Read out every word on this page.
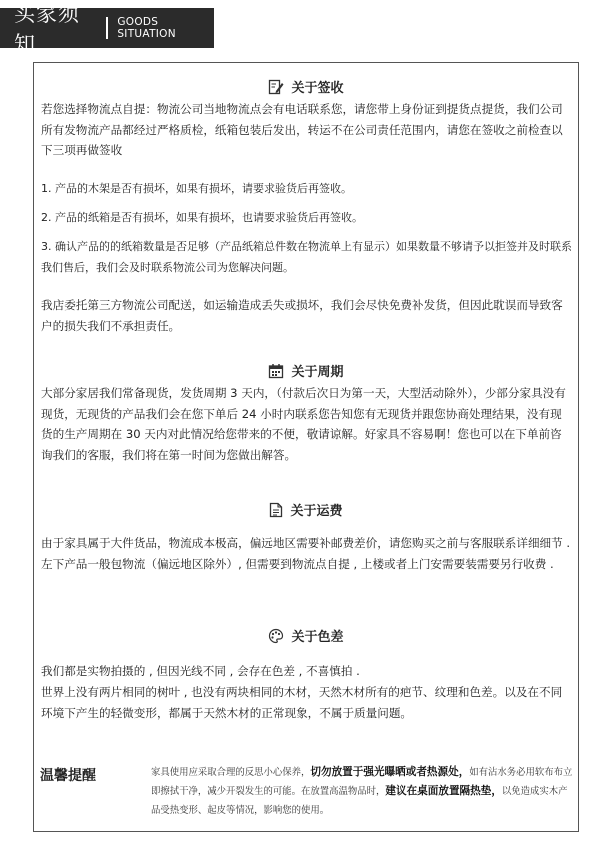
买家须知
GOODS SITUATION
关于签收
若您选择物流点自提：物流公司当地物流点会有电话联系您，请您带上身份证到提货点提货，我们公司所有发物流产品都经过严格质检，纸箱包装后发出，转运不在公司责任范围内，请您在签收之前检查以下三项再做签收
1. 产品的木架是否有损坏，如果有损坏，请要求验货后再签收。
2. 产品的纸箱是否有损坏，如果有损坏，也请要求验货后再签收。
3. 确认产品的的纸箱数量是否足够（产品纸箱总件数在物流单上有显示）如果数量不够请予以拒签并及时联系我们售后，我们会及时联系物流公司为您解决问题。
我店委托第三方物流公司配送，如运输造成丢失或损坏，我们会尽快免费补发货，但因此耽误而导致客户的损失我们不承担责任。
关于周期
大部分家居我们常备现货，发货周期 3 天内，（付款后次日为第一天，大型活动除外），少部分家具没有现货，无现货的产品我们会在您下单后 24 小时内联系您告知您有无现货并跟您协商处理结果，没有现货的生产周期在 30 天内对此情况给您带来的不便，敬请谅解。好家具不容易啊！您也可以在下单前咨询我们的客服，我们将在第一时间为您做出解答。
关于运费
由于家具属于大件货品，物流成本极高，偏远地区需要补邮费差价，请您购买之前与客服联系详细细节 . 左下产品一般包物流（偏远地区除外）, 但需要到物流点自提 , 上楼或者上门安需要装需要另行收费 .
关于色差
我们都是实物拍摄的 , 但因光线不同 , 会存在色差 , 不喜慎拍 .
世界上没有两片相同的树叶 , 也没有两块相同的木材，天然木材所有的疤节、纹理和色差。以及在不同环境下产生的轻微变形，都属于天然木材的正常现象，不属于质量问题。
温馨提醒	家具使用应采取合理的反思小心保养，切勿放置于强光曝晒或者热源处，如有沾水务必用软布布立即擦拭干净，减少开裂发生的可能。在放置高温物品时，建议在桌面放置隔热垫，以免造成实木产品受热变形、起皮等情况，影响您的使用。
